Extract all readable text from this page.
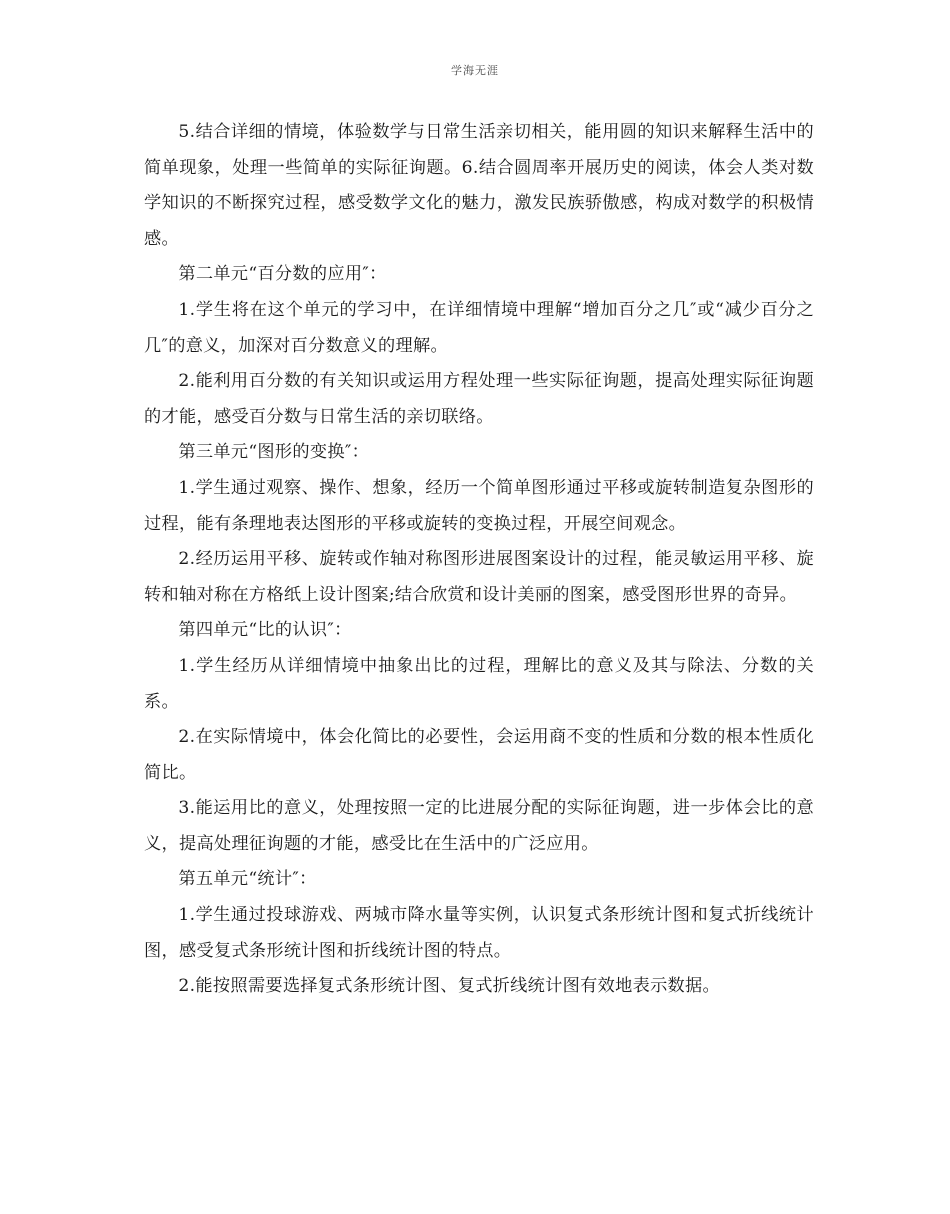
学海无涯

5.结合详细的情境，体验数学与日常生活亲切相关，能用圆的知识来解释生活中的简单现象，处理一些简单的实际征询题。6.结合圆周率开展历史的阅读，体会人类对数学知识的不断探究过程，感受数学文化的魅力，激发民族骄傲感，构成对数学的积极情感。

第二单元“百分数的应用″：

1.学生将在这个单元的学习中，在详细情境中理解“增加百分之几″或“减少百分之几″的意义，加深对百分数意义的理解。

2.能利用百分数的有关知识或运用方程处理一些实际征询题，提高处理实际征询题的才能，感受百分数与日常生活的亲切联络。

第三单元“图形的变换″：

1.学生通过观察、操作、想象，经历一个简单图形通过平移或旋转制造复杂图形的过程，能有条理地表达图形的平移或旋转的变换过程，开展空间观念。

2.经历运用平移、旋转或作轴对称图形进展图案设计的过程，能灵敏运用平移、旋转和轴对称在方格纸上设计图案;结合欣赏和设计美丽的图案，感受图形世界的奇异。

第四单元“比的认识″：

1.学生经历从详细情境中抽象出比的过程，理解比的意义及其与除法、分数的关系。

2.在实际情境中，体会化简比的必要性，会运用商不变的性质和分数的根本性质化简比。

3.能运用比的意义，处理按照一定的比进展分配的实际征询题，进一步体会比的意义，提高处理征询题的才能，感受比在生活中的广泛应用。

第五单元“统计″：

1.学生通过投球游戏、两城市降水量等实例，认识复式条形统计图和复式折线统计图，感受复式条形统计图和折线统计图的特点。

2.能按照需要选择复式条形统计图、复式折线统计图有效地表示数据。
